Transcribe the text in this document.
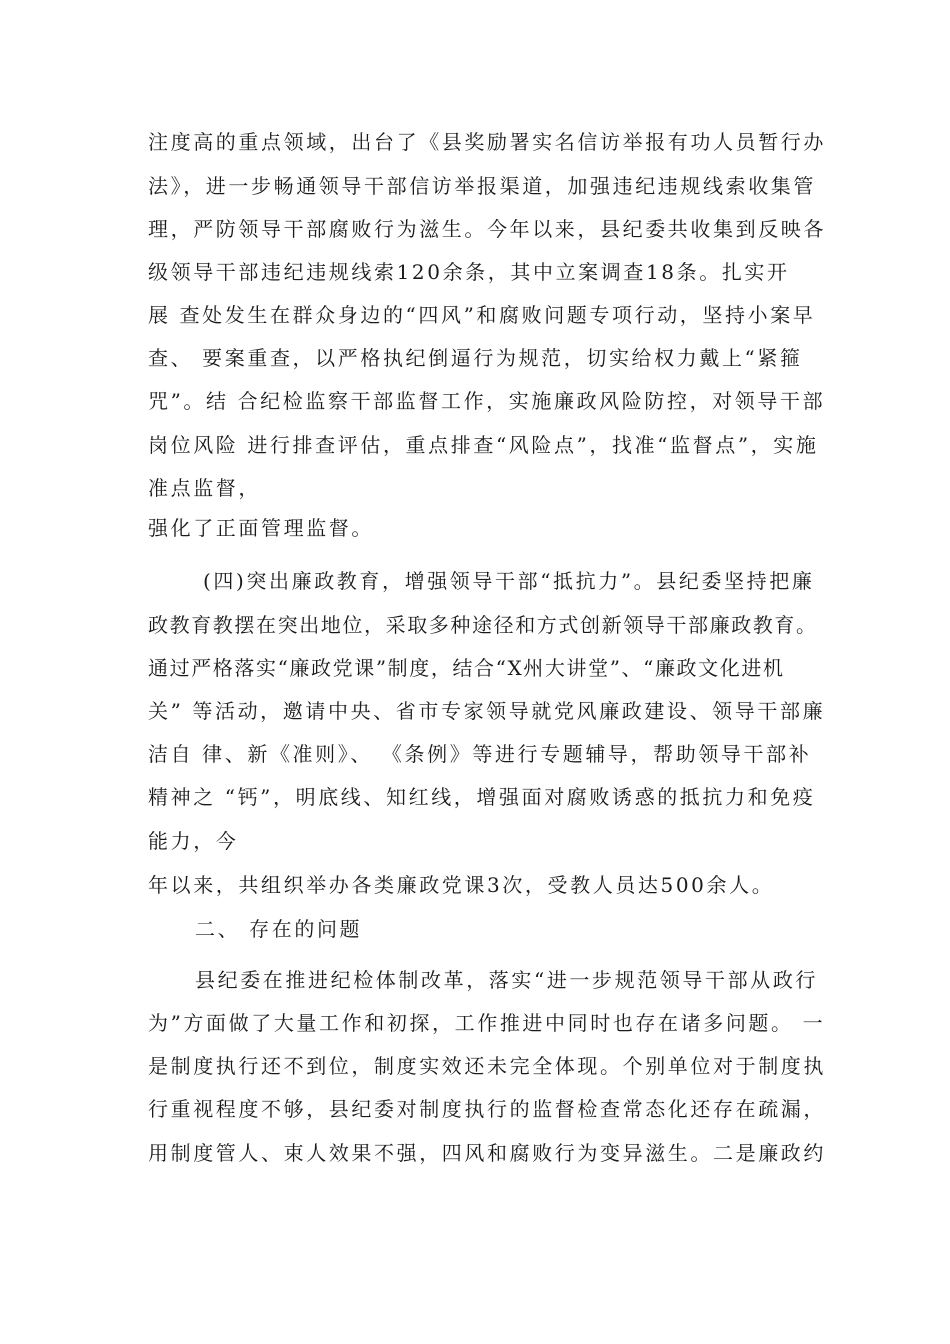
注度高的重点领域，出台了《县奖励署实名信访举报有功人员暂行办
法》，进一步畅通领导干部信访举报渠道，加强违纪违规线索收集管
理，严防领导干部腐败行为滋生。今年以来，县纪委共收集到反映各
级领导干部违纪违规线索120余条，其中立案调查18条。扎实开
展 查处发生在群众身边的“四风”和腐败问题专项行动，坚持小案早
查、 要案重查，以严格执纪倒逼行为规范，切实给权力戴上“紧箍
咒”。结 合纪检监察干部监督工作，实施廉政风险防控，对领导干部
岗位风险 进行排查评估，重点排查“风险点”，找准“监督点”，实施
准点监督，
强化了正面管理监督。
(四)突出廉政教育，增强领导干部“抵抗力”。县纪委坚持把廉
政教育教摆在突出地位，采取多种途径和方式创新领导干部廉政教育。
通过严格落实“廉政党课”制度，结合“X州大讲堂”、“廉政文化进机
关” 等活动，邀请中央、省市专家领导就党风廉政建设、领导干部廉
洁自 律、新《准则》、 《条例》等进行专题辅导，帮助领导干部补
精神之 “钙”，明底线、知红线，增强面对腐败诱惑的抵抗力和免疫
能力，今
年以来，共组织举办各类廉政党课3次，受教人员达500余人。
二、 存在的问题
县纪委在推进纪检体制改革，落实“进一步规范领导干部从政行
为”方面做了大量工作和初探，工作推进中同时也存在诸多问题。 一
是制度执行还不到位，制度实效还未完全体现。个别单位对于制度执
行重视程度不够，县纪委对制度执行的监督检查常态化还存在疏漏，
用制度管人、束人效果不强，四风和腐败行为变异滋生。二是廉政约
